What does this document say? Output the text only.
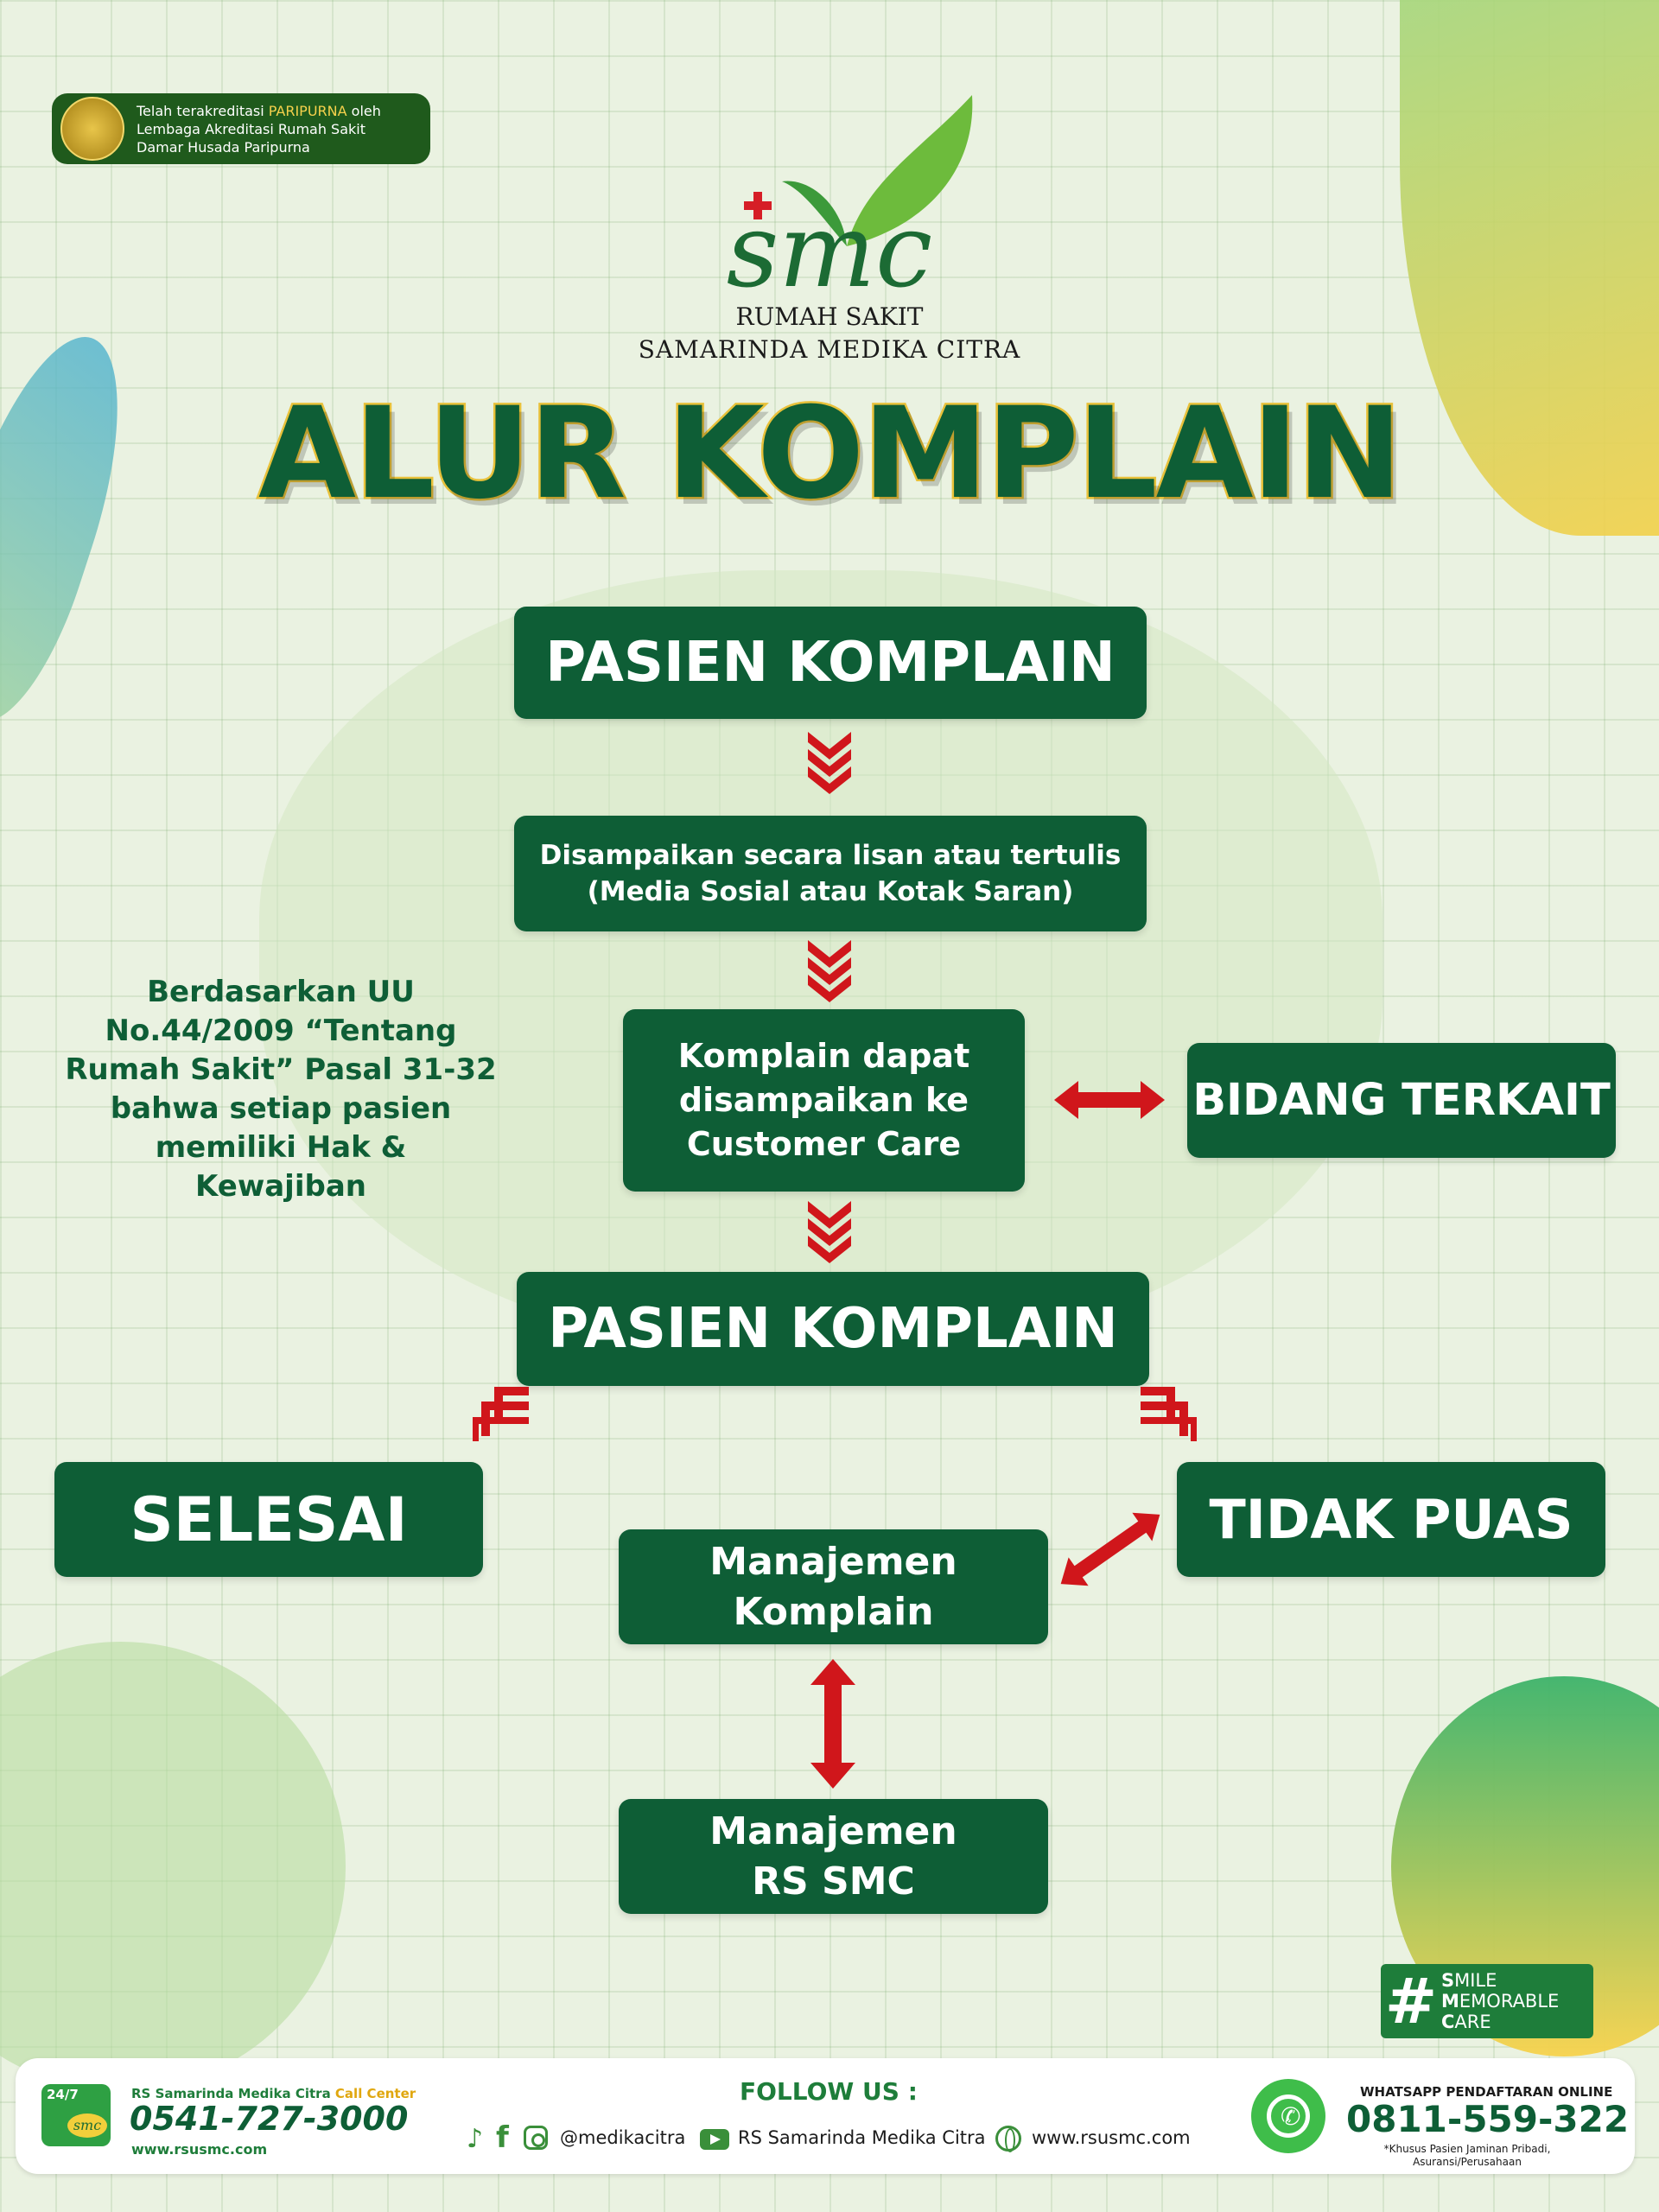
Telah terakreditasi PARIPURNA oleh
Lembaga Akreditasi Rumah Sakit
Damar Husada Paripurna
smc
RUMAH SAKIT
SAMARINDA MEDIKA CITRA
ALUR KOMPLAIN
PASIEN KOMPLAIN
Disampaikan secara lisan atau tertulis
(Media Sosial atau Kotak Saran)
Komplain dapat
disampaikan ke
Customer Care
BIDANG TERKAIT
PASIEN KOMPLAIN
SELESAI	TIDAK PUAS
Manajemen
Komplain
Manajemen
RS SMC
Berdasarkan UU
No.44/2009 “Tentang
Rumah Sakit” Pasal 31-32
bahwa setiap pasien
memiliki Hak &
Kewajiban
# SMILE
MEMORABLE
CARE
24/7
smc
RS Samarinda Medika Citra Call Center
0541-727-3000
www.rsusmc.com
FOLLOW US :
♪ f	@medikacitra	RS Samarinda Medika Citra	www.rsusmc.com
✆
WHATSAPP PENDAFTARAN ONLINE
0811-559-322
*Khusus Pasien Jaminan Pribadi,
Asuransi/Perusahaan
